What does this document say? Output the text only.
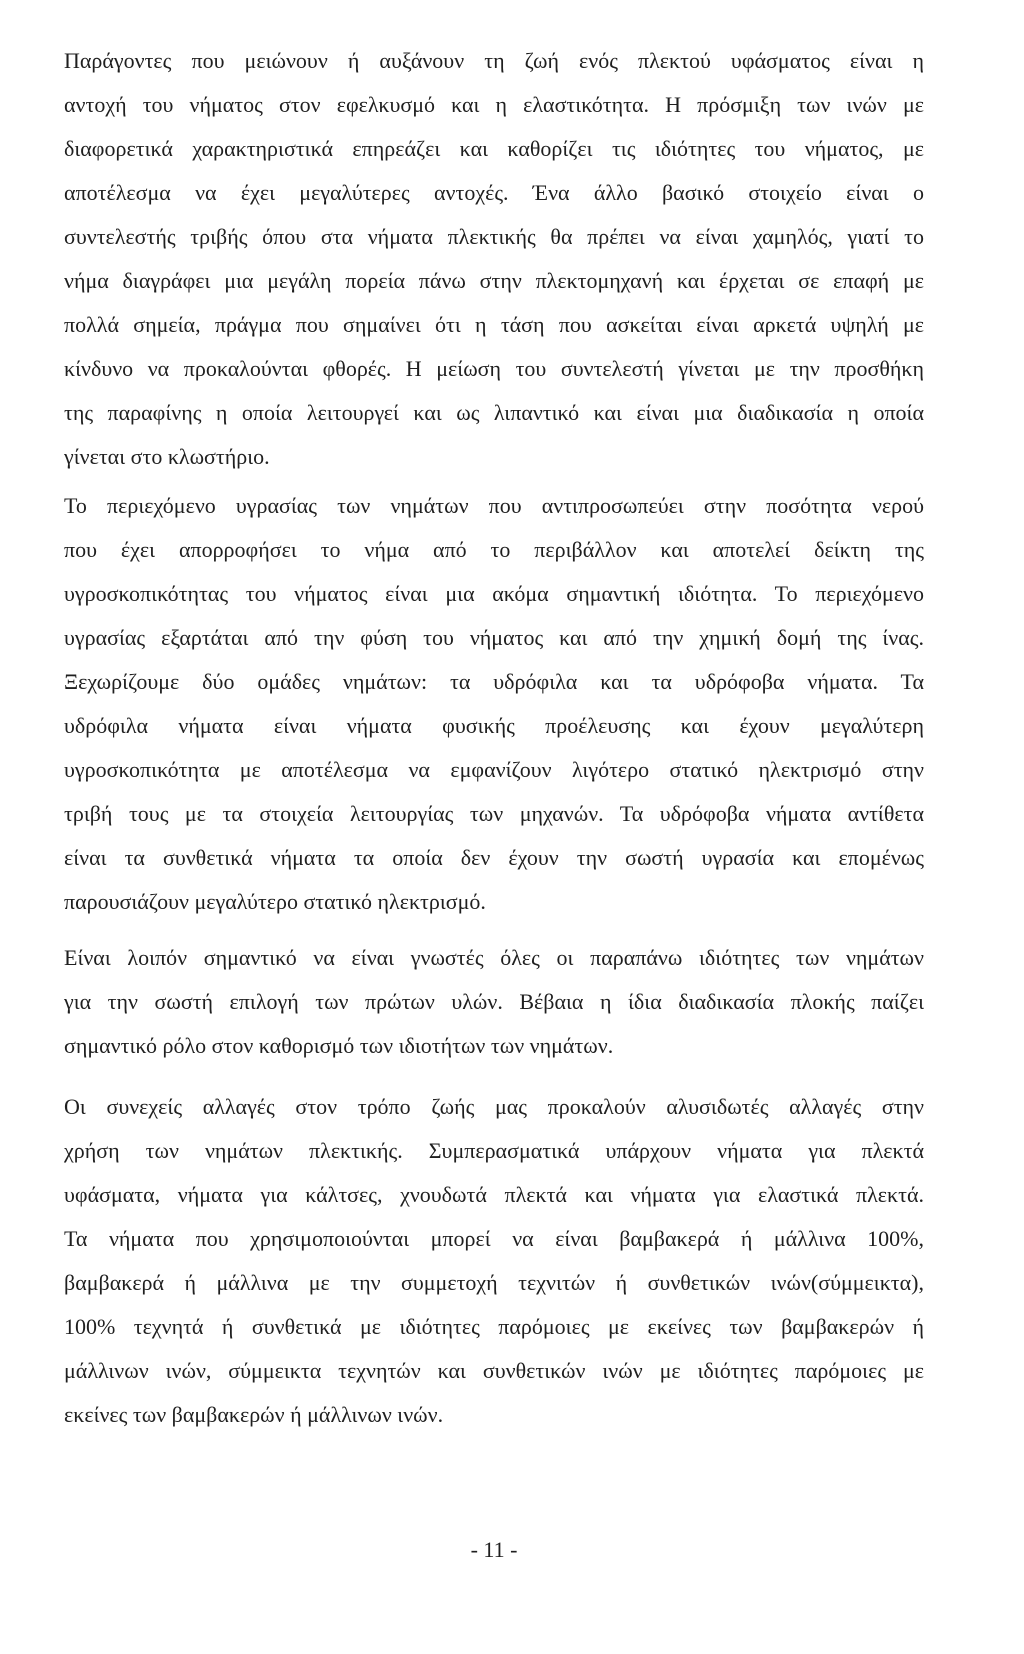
Παράγοντες που μειώνουν ή αυξάνουν τη ζωή ενός πλεκτού υφάσματος είναι η
αντοχή του νήματος στον εφελκυσμό και η ελαστικότητα. Η πρόσμιξη των ινών με
διαφορετικά χαρακτηριστικά επηρεάζει και καθορίζει τις ιδιότητες του νήματος, με
αποτέλεσμα να έχει μεγαλύτερες αντοχές. Ένα άλλο βασικό στοιχείο είναι ο
συντελεστής τριβής όπου στα νήματα πλεκτικής θα πρέπει να είναι χαμηλός, γιατί το
νήμα διαγράφει μια μεγάλη πορεία πάνω στην πλεκτομηχανή και έρχεται σε επαφή με
πολλά σημεία, πράγμα που σημαίνει ότι η τάση που ασκείται είναι αρκετά υψηλή με
κίνδυνο να προκαλούνται φθορές. Η μείωση του συντελεστή γίνεται με την προσθήκη
της παραφίνης η οποία λειτουργεί και ως λιπαντικό και είναι μια διαδικασία η οποία
γίνεται στο κλωστήριο.
Το περιεχόμενο υγρασίας των νημάτων που αντιπροσωπεύει στην ποσότητα νερού
που έχει απορροφήσει το νήμα από το περιβάλλον και αποτελεί δείκτη της
υγροσκοπικότητας του νήματος είναι μια ακόμα σημαντική ιδιότητα. Το περιεχόμενο
υγρασίας εξαρτάται από την φύση του νήματος και από την χημική δομή της ίνας.
Ξεχωρίζουμε δύο ομάδες νημάτων: τα υδρόφιλα και τα υδρόφοβα νήματα. Τα
υδρόφιλα νήματα είναι νήματα φυσικής προέλευσης και έχουν μεγαλύτερη
υγροσκοπικότητα με αποτέλεσμα να εμφανίζουν λιγότερο στατικό ηλεκτρισμό στην
τριβή τους με τα στοιχεία λειτουργίας των μηχανών. Τα υδρόφοβα νήματα αντίθετα
είναι τα συνθετικά νήματα τα οποία δεν έχουν την σωστή υγρασία και επομένως
παρουσιάζουν μεγαλύτερο στατικό ηλεκτρισμό.
Είναι λοιπόν σημαντικό να είναι γνωστές όλες οι παραπάνω ιδιότητες των νημάτων
για την σωστή επιλογή των πρώτων υλών. Βέβαια η ίδια διαδικασία πλοκής παίζει
σημαντικό ρόλο στον καθορισμό των ιδιοτήτων των νημάτων.
Οι συνεχείς αλλαγές στον τρόπο ζωής μας προκαλούν αλυσιδωτές αλλαγές στην
χρήση των νημάτων πλεκτικής. Συμπερασματικά υπάρχουν νήματα για πλεκτά
υφάσματα, νήματα για κάλτσες, χνουδωτά πλεκτά και νήματα για ελαστικά πλεκτά.
Τα νήματα που χρησιμοποιούνται μπορεί να είναι βαμβακερά ή μάλλινα 100%,
βαμβακερά ή μάλλινα με την συμμετοχή τεχνιτών ή συνθετικών ινών(σύμμεικτα),
100% τεχνητά ή συνθετικά με ιδιότητες παρόμοιες με εκείνες των βαμβακερών ή
μάλλινων ινών, σύμμεικτα τεχνητών και συνθετικών ινών με ιδιότητες παρόμοιες με
εκείνες των βαμβακερών ή μάλλινων ινών.
- 11 -
